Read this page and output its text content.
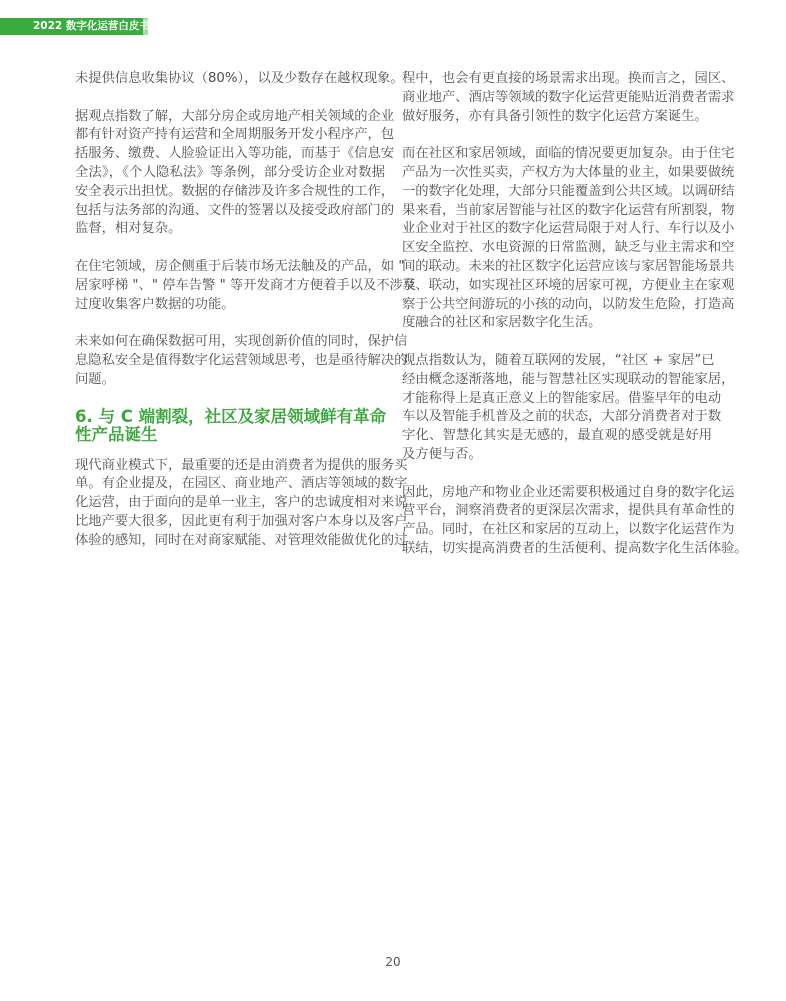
2022 数字化运营白皮书
未提供信息收集协议（80%），以及少数存在越权现象。
据观点指数了解，大部分房企或房地产相关领域的企业
都有针对资产持有运营和全周期服务开发小程序产，包
括服务、缴费、人脸验证出入等功能，而基于《信息安
全法》，《个人隐私法》等条例，部分受访企业对数据
安全表示出担忧。数据的存储涉及许多合规性的工作，
包括与法务部的沟通、文件的签署以及接受政府部门的
监督，相对复杂。
在住宅领域，房企侧重于后装市场无法触及的产品，如 "
居家呼梯 "、" 停车告警 " 等开发商才方便着手以及不涉及
过度收集客户数据的功能。
未来如何在确保数据可用，实现创新价值的同时，保护信
息隐私安全是值得数字化运营领域思考，也是亟待解决的
问题。
6. 与 C 端割裂，社区及家居领域鲜有革命
性产品诞生
现代商业模式下，最重要的还是由消费者为提供的服务买
单。有企业提及，在园区、商业地产、酒店等领域的数字
化运营，由于面向的是单一业主，客户的忠诚度相对来说
比地产要大很多，因此更有利于加强对客户本身以及客户
体验的感知，同时在对商家赋能、对管理效能做优化的过
程中，也会有更直接的场景需求出现。换而言之，园区、
商业地产、酒店等领域的数字化运营更能贴近消费者需求
做好服务，亦有具备引领性的数字化运营方案诞生。
而在社区和家居领域，面临的情况要更加复杂。由于住宅
产品为一次性买卖，产权方为大体量的业主，如果要做统
一的数字化处理，大部分只能覆盖到公共区域。以调研结
果来看，当前家居智能与社区的数字化运营有所割裂，物
业企业对于社区的数字化运营局限于对人行、车行以及小
区安全监控、水电资源的日常监测，缺乏与业主需求和空
间的联动。未来的社区数字化运营应该与家居智能场景共
享、联动，如实现社区环境的居家可视，方便业主在家观
察于公共空间游玩的小孩的动向，以防发生危险，打造高
度融合的社区和家居数字化生活。
观点指数认为，随着互联网的发展，“社区 + 家居”已
经由概念逐渐落地，能与智慧社区实现联动的智能家居，
才能称得上是真正意义上的智能家居。借鉴早年的电动
车以及智能手机普及之前的状态，大部分消费者对于数
字化、智慧化其实是无感的，最直观的感受就是好用
及方便与否。
因此，房地产和物业企业还需要积极通过自身的数字化运
营平台，洞察消费者的更深层次需求，提供具有革命性的
产品。同时，在社区和家居的互动上，以数字化运营作为
联结，切实提高消费者的生活便利、提高数字化生活体验。
20
